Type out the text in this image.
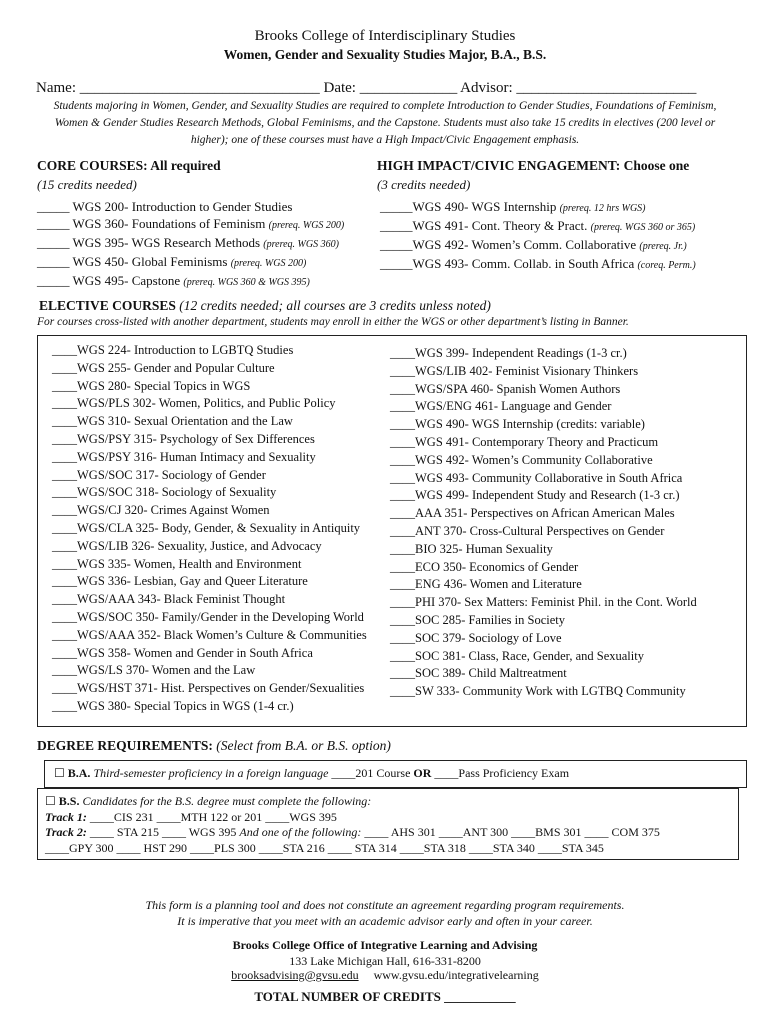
Brooks College of Interdisciplinary Studies
Women, Gender and Sexuality Studies Major, B.A., B.S.
Name: ________________________________ Date: _____________ Advisor: ________________________
Students majoring in Women, Gender, and Sexuality Studies are required to complete Introduction to Gender Studies, Foundations of Feminism, Women & Gender Studies Research Methods, Global Feminisms, and the Capstone. Students must also take 15 credits in electives (200 level or higher); one of these courses must have a High Impact/Civic Engagement emphasis.
CORE COURSES: All required
(15 credits needed)
HIGH IMPACT/CIVIC ENGAGEMENT: Choose one
(3 credits needed)
_____ WGS 200- Introduction to Gender Studies
_____ WGS 360- Foundations of Feminism (prereq. WGS 200)
_____ WGS 395- WGS Research Methods (prereq. WGS 360)
_____ WGS 450- Global Feminisms (prereq. WGS 200)
_____ WGS 495- Capstone (prereq. WGS 360 & WGS 395)
_____WGS 490- WGS Internship (prereq. 12 hrs WGS)
_____WGS 491- Cont. Theory & Pract. (prereq. WGS 360 or 365)
_____WGS 492- Women’s Comm. Collaborative (prereq. Jr.)
_____WGS 493- Comm. Collab. in South Africa (coreq. Perm.)
ELECTIVE COURSES (12 credits needed; all courses are 3 credits unless noted)
For courses cross-listed with another department, students may enroll in either the WGS or other department’s listing in Banner.
____WGS 224- Introduction to LGBTQ Studies
____WGS 255- Gender and Popular Culture
____WGS 280- Special Topics in WGS
____WGS/PLS 302- Women, Politics, and Public Policy
____WGS 310- Sexual Orientation and the Law
____WGS/PSY 315- Psychology of Sex Differences
____WGS/PSY 316- Human Intimacy and Sexuality
____WGS/SOC 317- Sociology of Gender
____WGS/SOC 318- Sociology of Sexuality
____WGS/CJ 320- Crimes Against Women
____WGS/CLA 325- Body, Gender, & Sexuality in Antiquity
____WGS/LIB 326- Sexuality, Justice, and Advocacy
____WGS 335- Women, Health and Environment
____WGS 336- Lesbian, Gay and Queer Literature
____WGS/AAA 343- Black Feminist Thought
____WGS/SOC 350- Family/Gender in the Developing World
____WGS/AAA 352- Black Women’s Culture & Communities
____WGS 358- Women and Gender in South Africa
____WGS/LS 370- Women and the Law
____WGS/HST 371- Hist. Perspectives on Gender/Sexualities
____WGS 380- Special Topics in WGS (1-4 cr.)
____WGS 399- Independent Readings (1-3 cr.)
____WGS/LIB 402- Feminist Visionary Thinkers
____WGS/SPA 460- Spanish Women Authors
____WGS/ENG 461- Language and Gender
____WGS 490- WGS Internship (credits: variable)
____WGS 491- Contemporary Theory and Practicum
____WGS 492- Women’s Community Collaborative
____WGS 493- Community Collaborative in South Africa
____WGS 499- Independent Study and Research (1-3 cr.)
____AAA 351- Perspectives on African American Males
____ANT 370- Cross-Cultural Perspectives on Gender
____BIO 325- Human Sexuality
____ECO 350- Economics of Gender
____ENG 436- Women and Literature
____PHI 370- Sex Matters: Feminist Phil. in the Cont. World
____SOC 285- Families in Society
____SOC 379- Sociology of Love
____SOC 381- Class, Race, Gender, and Sexuality
____SOC 389- Child Maltreatment
____SW 333- Community Work with LGTBQ Community
DEGREE REQUIREMENTS: (Select from B.A. or B.S. option)
☐ B.A. Third-semester proficiency in a foreign language ____201 Course OR ____Pass Proficiency Exam
☐ B.S. Candidates for the B.S. degree must complete the following:
Track 1: ____CIS 231 ____MTH 122 or 201 ____WGS 395
Track 2: ____ STA 215 ____ WGS 395 And one of the following: ____ AHS 301 ____ANT 300 ____BMS 301 ____ COM 375
____GPY 300 ____ HST 290 ____PLS 300 ____STA 216 ____ STA 314 ____STA 318 ____STA 340 ____STA 345
This form is a planning tool and does not constitute an agreement regarding program requirements.
It is imperative that you meet with an academic advisor early and often in your career.
Brooks College Office of Integrative Learning and Advising
133 Lake Michigan Hall, 616-331-8200
brooksadvising@gvsu.edu www.gvsu.edu/integrativelearning
TOTAL NUMBER OF CREDITS ___________
